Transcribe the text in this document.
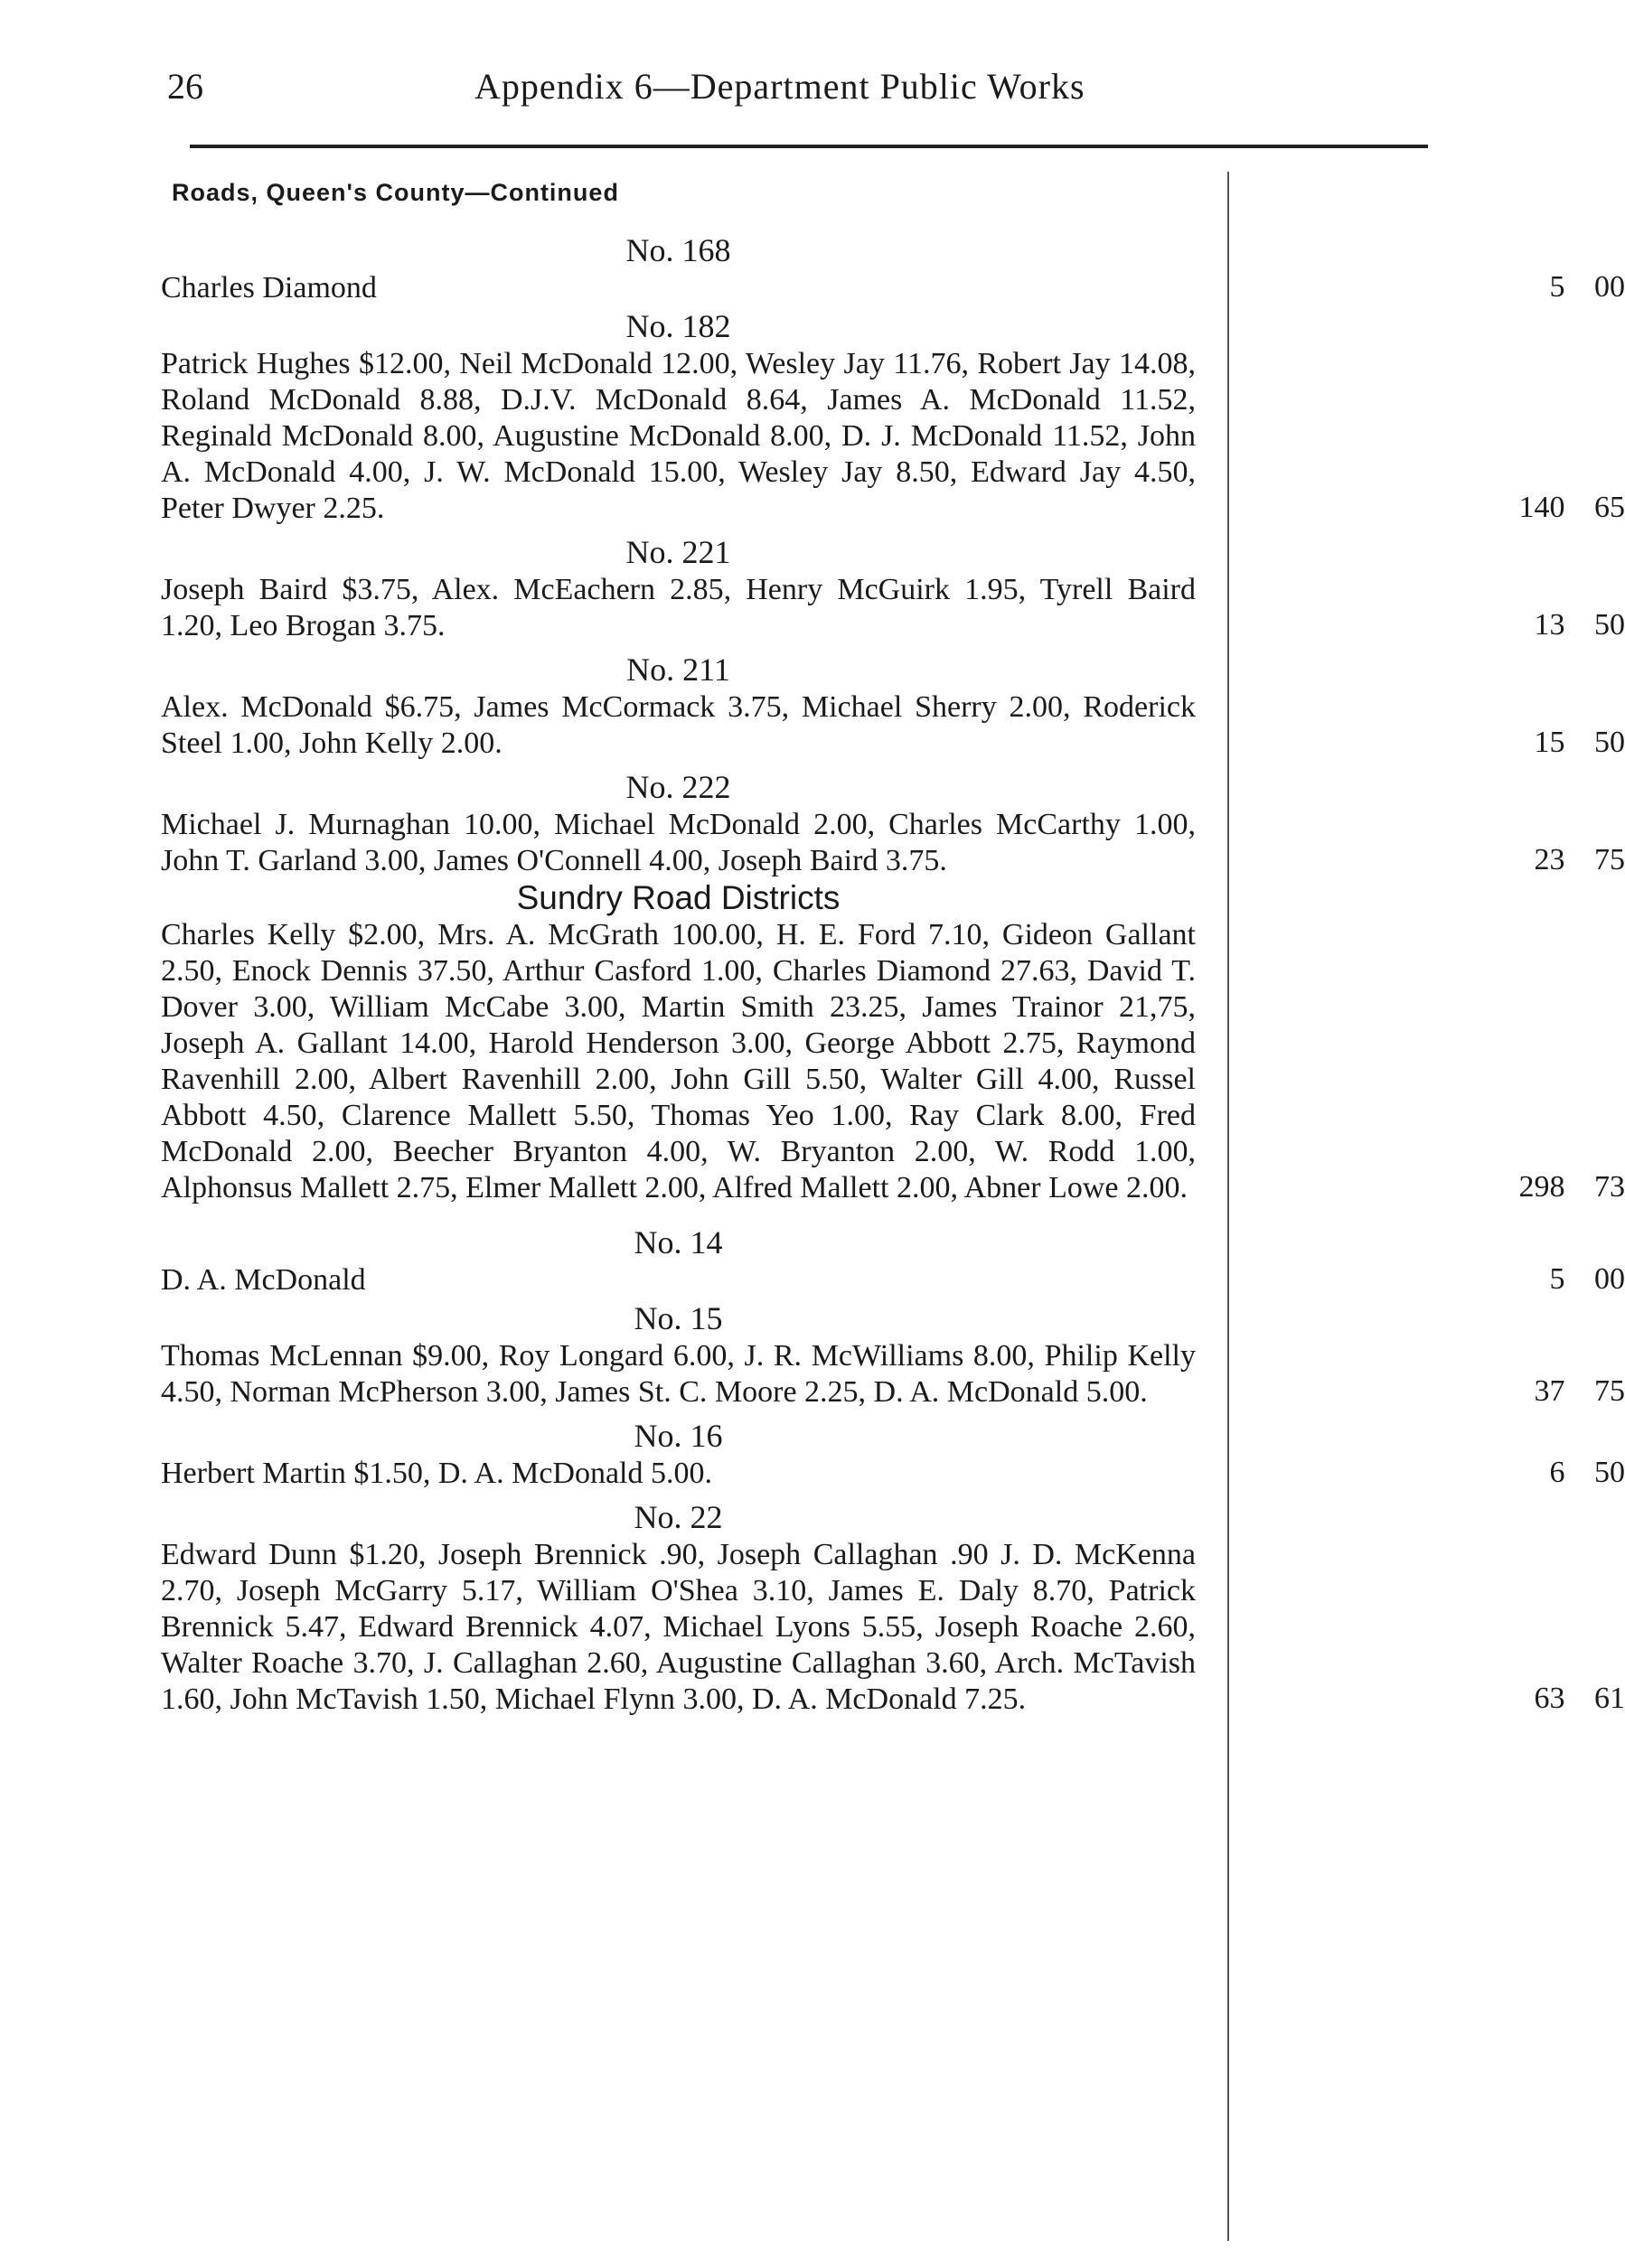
26	Appendix 6—Department Public Works
Roads, Queen's County—Continued
No. 168

Charles Diamond	5 00
No. 182

Patrick Hughes $12.00, Neil McDonald 12.00, Wesley Jay 11.76, Robert Jay 14.08, Roland McDonald 8.88, D.J.V. McDonald 8.64, James A. McDonald 11.52, Reginald McDonald 8.00, Augustine McDonald 8.00, D. J. McDonald 11.52, John A. McDonald 4.00, J. W. McDonald 15.00, Wesley Jay 8.50, Edward Jay 4.50, Peter Dwyer 2.25.	140 65
No. 221

Joseph Baird $3.75, Alex. McEachern 2.85, Henry McGuirk 1.95, Tyrell Baird 1.20, Leo Brogan 3.75.	13 50
No. 211

Alex. McDonald $6.75, James McCormack 3.75, Michael Sherry 2.00, Roderick Steel 1.00, John Kelly 2.00.	15 50
No. 222

Michael J. Murnaghan 10.00, Michael McDonald 2.00, Charles McCarthy 1.00, John T. Garland 3.00, James O'Connell 4.00, Joseph Baird 3.75.	23 75
Sundry Road Districts

Charles Kelly $2.00, Mrs. A. McGrath 100.00, H. E. Ford 7.10, Gideon Gallant 2.50, Enock Dennis 37.50, Arthur Casford 1.00, Charles Diamond 27.63, David T. Dover 3.00, William McCabe 3.00, Martin Smith 23.25, James Trainor 21,75, Joseph A. Gallant 14.00, Harold Henderson 3.00, George Abbott 2.75, Raymond Ravenhill 2.00, Albert Ravenhill 2.00, John Gill 5.50, Walter Gill 4.00, Russel Abbott 4.50, Clarence Mallett 5.50, Thomas Yeo 1.00, Ray Clark 8.00, Fred McDonald 2.00, Beecher Bryanton 4.00, W. Bryanton 2.00, W. Rodd 1.00, Alphonsus Mallett 2.75, Elmer Mallett 2.00, Alfred Mallett 2.00, Abner Lowe 2.00.	298 73
No. 14

D. A. McDonald	5 00
No. 15

Thomas McLennan $9.00, Roy Longard 6.00, J. R. McWilliams 8.00, Philip Kelly 4.50, Norman McPherson 3.00, James St. C. Moore 2.25, D. A. McDonald 5.00.	37 75
No. 16

Herbert Martin $1.50, D. A. McDonald 5.00.	6 50
No. 22

Edward Dunn $1.20, Joseph Brennick .90, Joseph Callaghan .90 J. D. McKenna 2.70, Joseph McGarry 5.17, William O'Shea 3.10, James E. Daly 8.70, Patrick Brennick 5.47, Edward Brennick 4.07, Michael Lyons 5.55, Joseph Roache 2.60, Walter Roache 3.70, J. Callaghan 2.60, Augustine Callaghan 3.60, Arch. McTavish 1.60, John McTavish 1.50, Michael Flynn 3.00, D. A. McDonald 7.25.	63 61
